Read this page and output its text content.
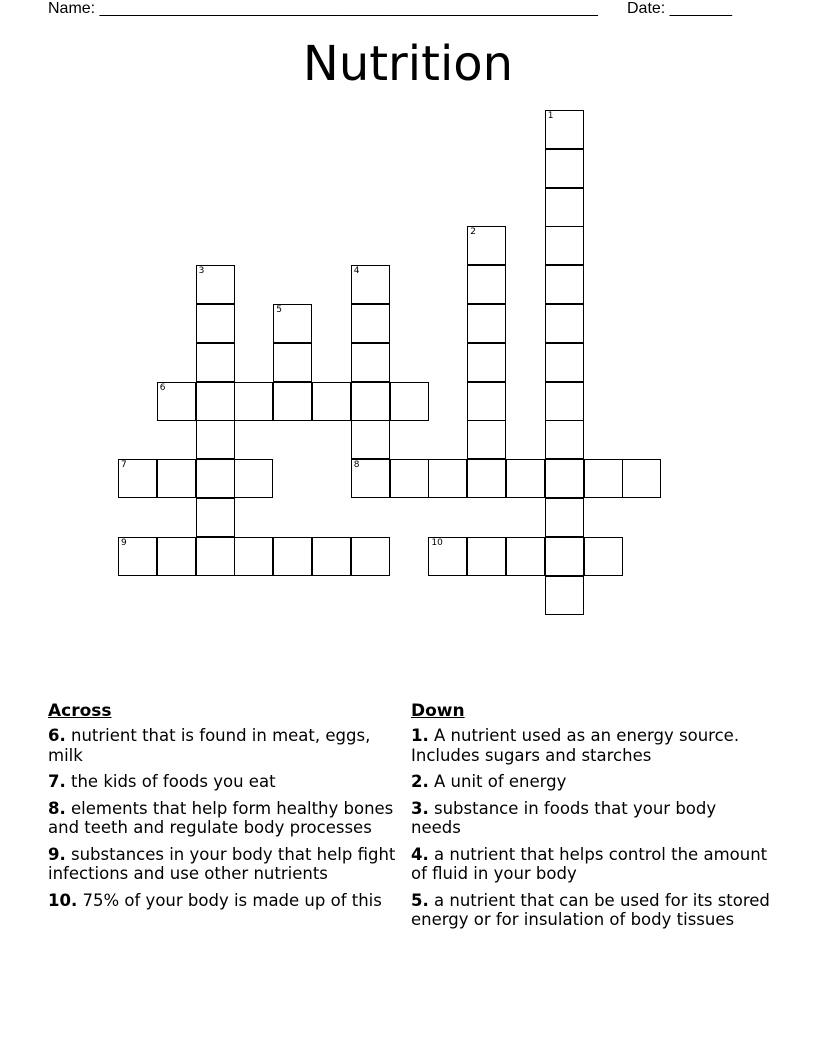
Name: ________________________________________________________ Date: _______
Nutrition
1
2
3	4
5
6
7	8
9	10
Across
6. nutrient that is found in meat, eggs, milk
7. the kids of foods you eat
8. elements that help form healthy bones and teeth and regulate body processes
9. substances in your body that help fight infections and use other nutrients
10. 75% of your body is made up of this
Down
1. A nutrient used as an energy source. Includes sugars and starches
2. A unit of energy
3. substance in foods that your body needs
4. a nutrient that helps control the amount of fluid in your body
5. a nutrient that can be used for its stored energy or for insulation of body tissues
